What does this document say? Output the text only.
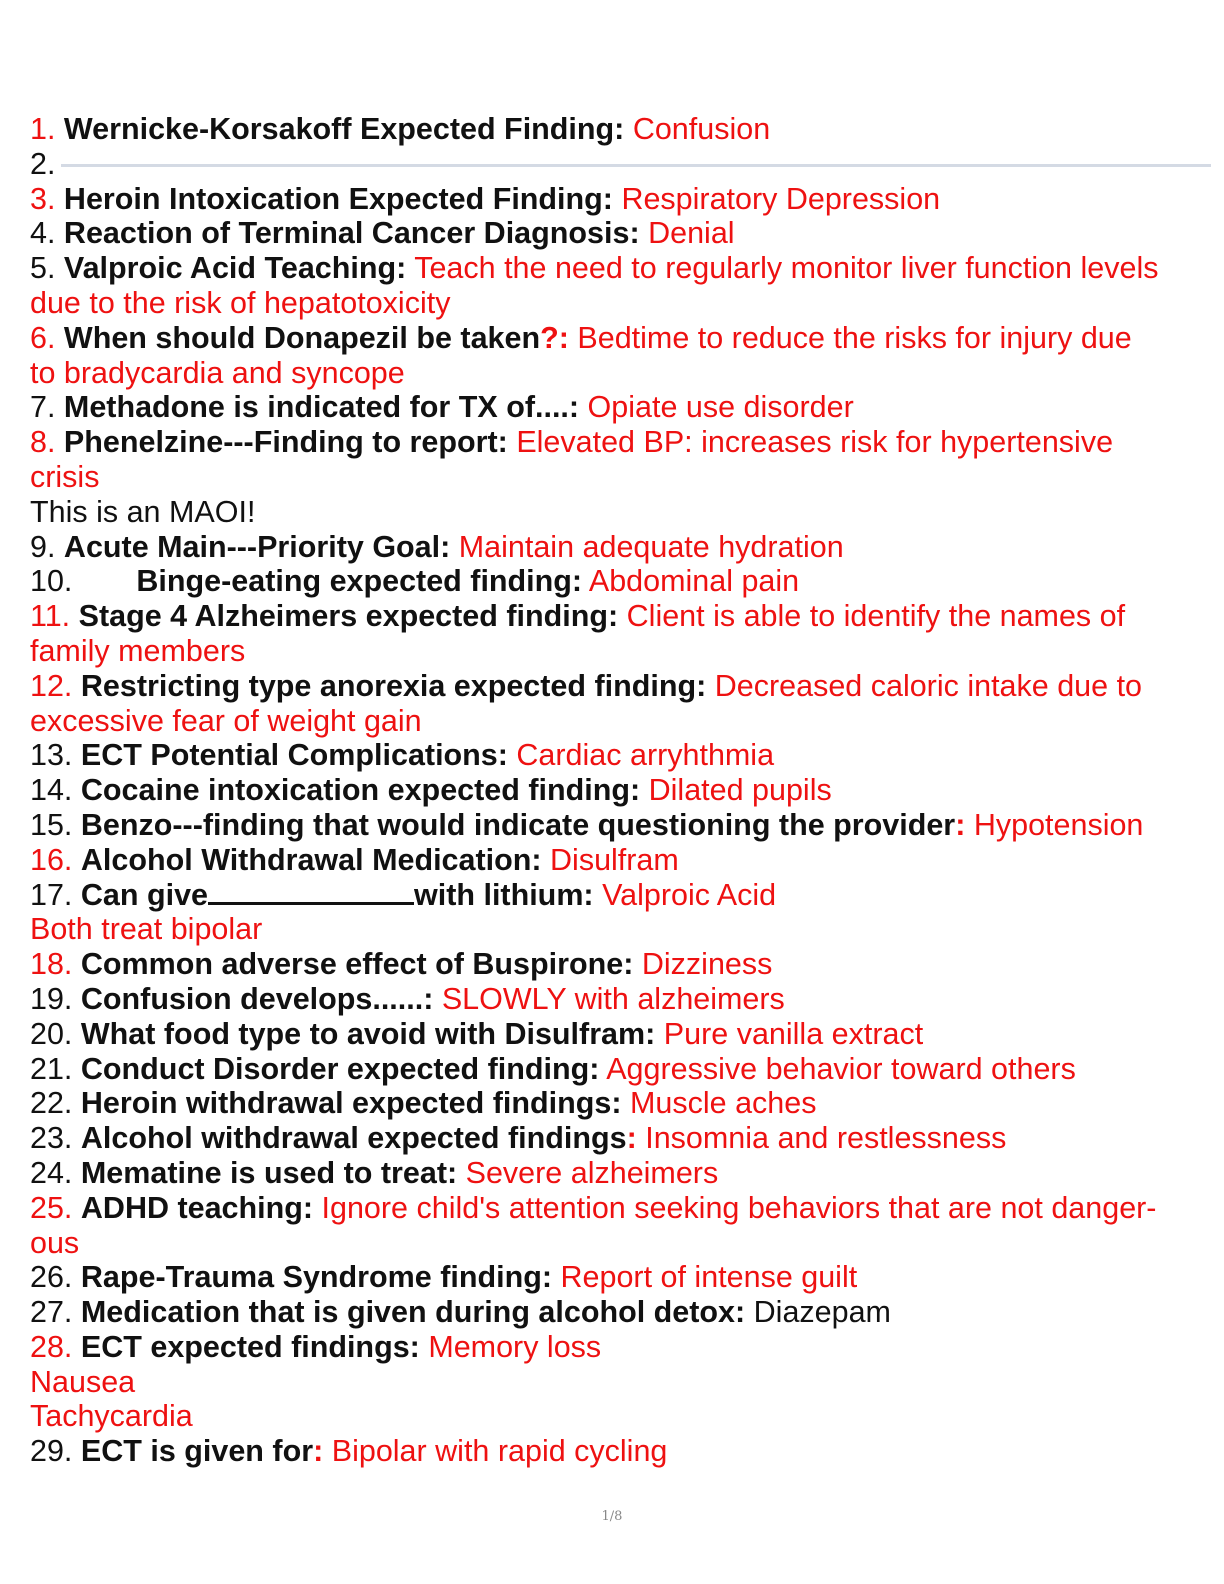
1. Wernicke-Korsakoff Expected Finding: Confusion
2.
3. Heroin Intoxication Expected Finding: Respiratory Depression
4. Reaction of Terminal Cancer Diagnosis: Denial
5. Valproic Acid Teaching: Teach the need to regularly monitor liver function levels
due to the risk of hepatotoxicity
6. When should Donapezil be taken?: Bedtime to reduce the risks for injury due
to bradycardia and syncope
7. Methadone is indicated for TX of....: Opiate use disorder
8. Phenelzine---Finding to report: Elevated BP: increases risk for hypertensive
crisis
This is an MAOI!
9. Acute Main---Priority Goal: Maintain adequate hydration
10. Binge-eating expected finding: Abdominal pain
11. Stage 4 Alzheimers expected finding: Client is able to identify the names of
family members
12. Restricting type anorexia expected finding: Decreased caloric intake due to
excessive fear of weight gain
13. ECT Potential Complications: Cardiac arryhthmia
14. Cocaine intoxication expected finding: Dilated pupils
15. Benzo---finding that would indicate questioning the provider: Hypotension
16. Alcohol Withdrawal Medication: Disulfram
17. Can give	with lithium: Valproic Acid
Both treat bipolar
18. Common adverse effect of Buspirone: Dizziness
19. Confusion develops......: SLOWLY with alzheimers
20. What food type to avoid with Disulfram: Pure vanilla extract
21. Conduct Disorder expected finding: Aggressive behavior toward others
22. Heroin withdrawal expected findings: Muscle aches
23. Alcohol withdrawal expected findings: Insomnia and restlessness
24. Mematine is used to treat: Severe alzheimers
25. ADHD teaching: Ignore child's attention seeking behaviors that are not danger-
ous
26. Rape-Trauma Syndrome finding: Report of intense guilt
27. Medication that is given during alcohol detox: Diazepam
28. ECT expected findings: Memory loss
Nausea
Tachycardia
29. ECT is given for: Bipolar with rapid cycling
1/8
